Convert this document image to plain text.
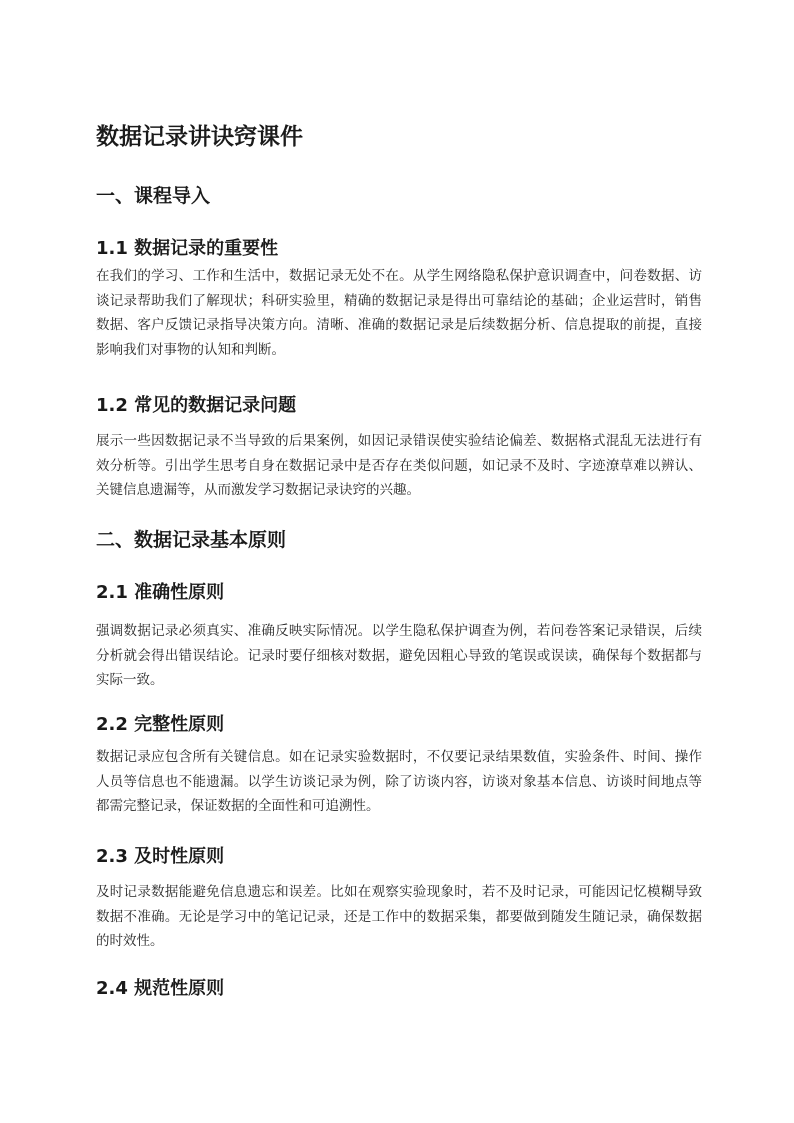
数据记录讲诀窍课件
一、课程导入
1.1 数据记录的重要性

在我们的学习、工作和生活中，数据记录无处不在。从学生网络隐私保护意识调查中，问卷数据、访谈记录帮助我们了解现状；科研实验里，精确的数据记录是得出可靠结论的基础；企业运营时，销售数据、客户反馈记录指导决策方向。清晰、准确的数据记录是后续数据分析、信息提取的前提，直接影响我们对事物的认知和判断。

1.2 常见的数据记录问题

展示一些因数据记录不当导致的后果案例，如因记录错误使实验结论偏差、数据格式混乱无法进行有效分析等。引出学生思考自身在数据记录中是否存在类似问题，如记录不及时、字迹潦草难以辨认、关键信息遗漏等，从而激发学习数据记录诀窍的兴趣。

二、数据记录基本原则
2.1 准确性原则

强调数据记录必须真实、准确反映实际情况。以学生隐私保护调查为例，若问卷答案记录错误，后续分析就会得出错误结论。记录时要仔细核对数据，避免因粗心导致的笔误或误读，确保每个数据都与实际一致。

2.2 完整性原则

数据记录应包含所有关键信息。如在记录实验数据时，不仅要记录结果数值，实验条件、时间、操作人员等信息也不能遗漏。以学生访谈记录为例，除了访谈内容，访谈对象基本信息、访谈时间地点等都需完整记录，保证数据的全面性和可追溯性。

2.3 及时性原则

及时记录数据能避免信息遗忘和误差。比如在观察实验现象时，若不及时记录，可能因记忆模糊导致数据不准确。无论是学习中的笔记记录，还是工作中的数据采集，都要做到随发生随记录，确保数据的时效性。

2.4 规范性原则
